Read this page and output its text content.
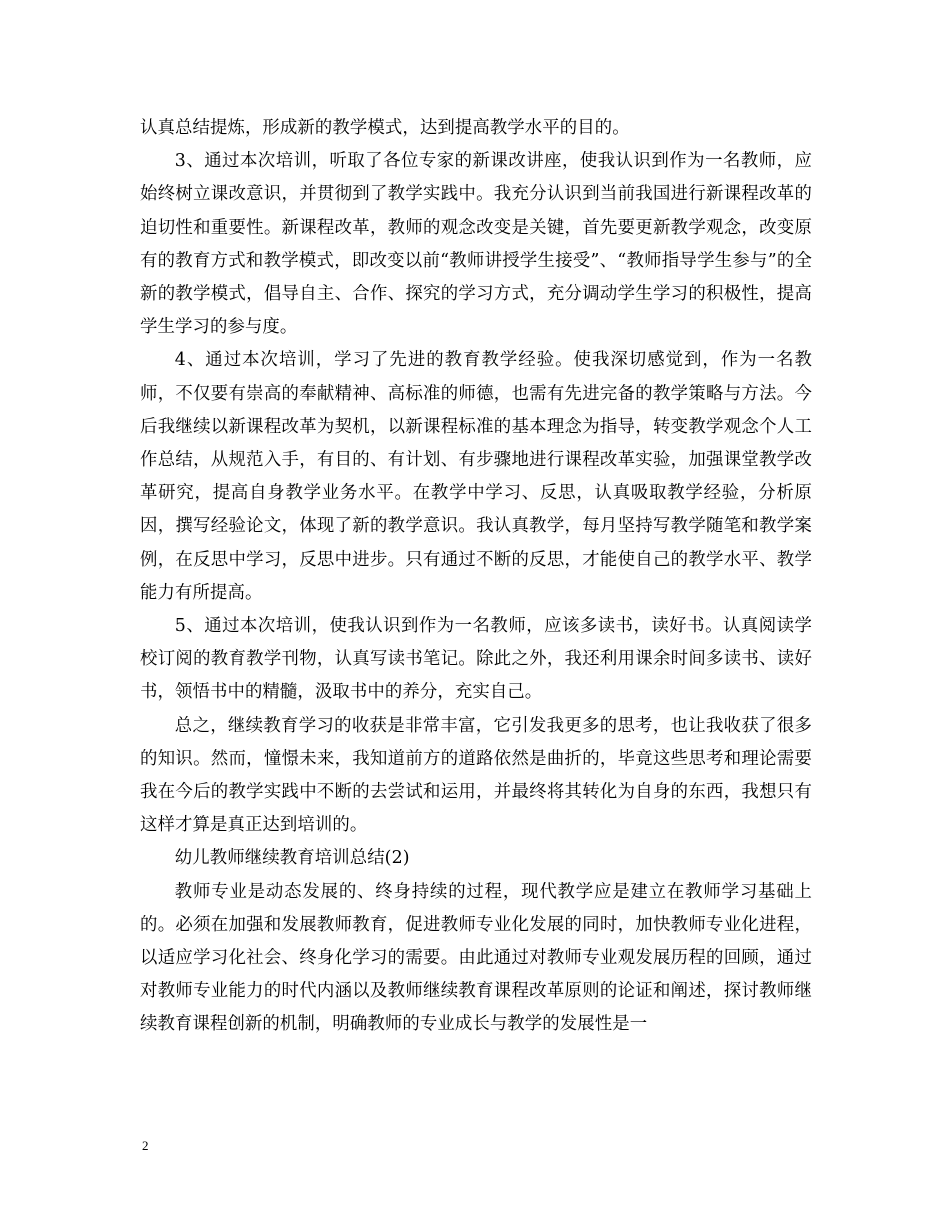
认真总结提炼，形成新的教学模式，达到提高教学水平的目的。

3、通过本次培训，听取了各位专家的新课改讲座，使我认识到作为一名教师，应始终树立课改意识，并贯彻到了教学实践中。我充分认识到当前我国进行新课程改革的迫切性和重要性。新课程改革，教师的观念改变是关键，首先要更新教学观念，改变原有的教育方式和教学模式，即改变以前“教师讲授学生接受”、“教师指导学生参与”的全新的教学模式，倡导自主、合作、探究的学习方式，充分调动学生学习的积极性，提高学生学习的参与度。

4、通过本次培训，学习了先进的教育教学经验。使我深切感觉到，作为一名教师，不仅要有崇高的奉献精神、高标准的师德，也需有先进完备的教学策略与方法。今后我继续以新课程改革为契机，以新课程标准的基本理念为指导，转变教学观念个人工作总结，从规范入手，有目的、有计划、有步骤地进行课程改革实验，加强课堂教学改革研究，提高自身教学业务水平。在教学中学习、反思，认真吸取教学经验，分析原因，撰写经验论文，体现了新的教学意识。我认真教学，每月坚持写教学随笔和教学案例，在反思中学习，反思中进步。只有通过不断的反思，才能使自己的教学水平、教学能力有所提高。

5、通过本次培训，使我认识到作为一名教师，应该多读书，读好书。认真阅读学校订阅的教育教学刊物，认真写读书笔记。除此之外，我还利用课余时间多读书、读好书，领悟书中的精髓，汲取书中的养分，充实自己。

总之，继续教育学习的收获是非常丰富，它引发我更多的思考，也让我收获了很多的知识。然而，憧憬未来，我知道前方的道路依然是曲折的，毕竟这些思考和理论需要我在今后的教学实践中不断的去尝试和运用，并最终将其转化为自身的东西，我想只有这样才算是真正达到培训的。

幼儿教师继续教育培训总结(2)

教师专业是动态发展的、终身持续的过程，现代教学应是建立在教师学习基础上的。必须在加强和发展教师教育，促进教师专业化发展的同时，加快教师专业化进程，以适应学习化社会、终身化学习的需要。由此通过对教师专业观发展历程的回顾，通过对教师专业能力的时代内涵以及教师继续教育课程改革原则的论证和阐述，探讨教师继续教育课程创新的机制，明确教师的专业成长与教学的发展性是一

2
